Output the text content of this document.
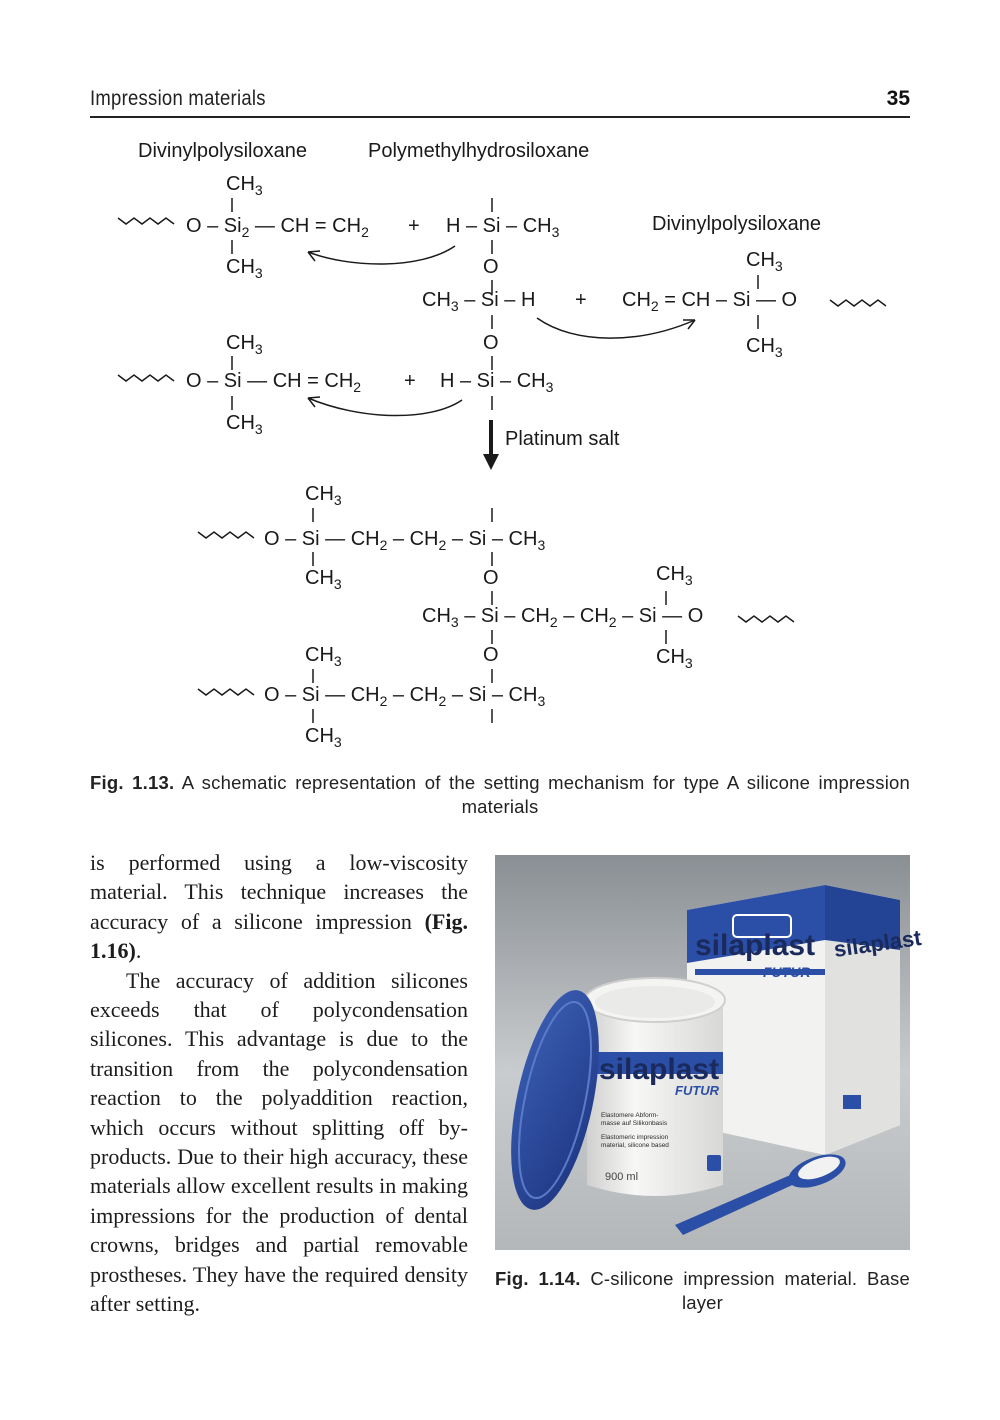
Impression materials	35
Divinylpolysiloxane	Polymethylhydrosiloxane
Divinylpolysiloxane
$CH_3$
O – $Si_2$ — CH = $CH_2$
$CH_3$
+ H – Si – $CH_3$
O
$CH_3$ – Si – H +
O
H – Si – $CH_3$
$CH_3$
$CH_2$ = CH – Si — O
$CH_3$
$CH_3$
O – Si — CH = $CH_2$ +
$CH_3$	Platinum salt
$CH_3$
O – Si — $CH_2 - CH_2$ – Si – $CH_3$
$CH_3$	O	$CH_3$
$CH_3$ – Si – $CH_2 - CH_2$ – Si — O
$CH_3$	O	$CH_3$
O – Si — $CH_2 - CH_2$ – Si – $CH_3$
$CH_3$
Fig. 1.13. A schematic representation of the setting mechanism for type A silicone impression materials

is performed using a low-viscosity material. This technique increases the accuracy of a silicone impression (Fig. 1.16).

The accuracy of addition silicones exceeds that of polycondensation silicones. This advantage is due to the transition from the polycondensation reaction to the polyaddition reaction, which occurs without splitting off by-products. Due to their high accuracy, these materials allow excellent results in making impressions for the production of dental crowns, bridges and partial removable prostheses. They have the required density after setting.

silaplast silaplast
silaplast
FUTUR
Elastomere Abform-
masse auf Silikonbasis
Elastomeric impression
material, silicone based
900 ml
Fig. 1.14. C-silicone impression material. Base layer
